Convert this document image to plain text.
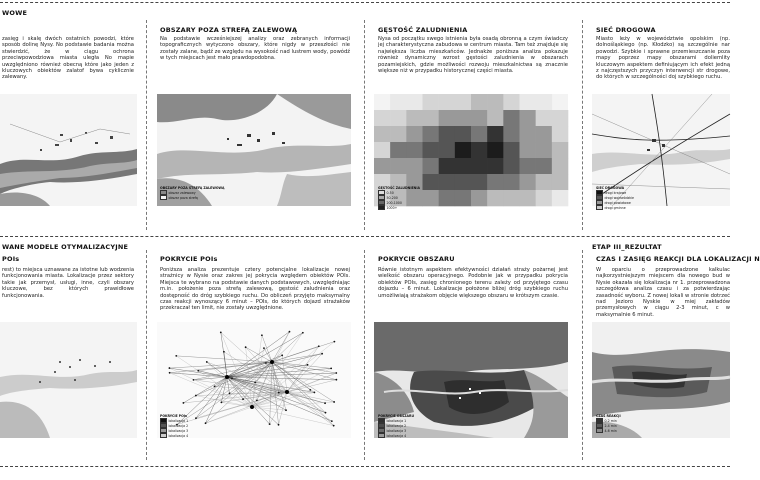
WOWE
OBSZARY POZA STREFĄ ZALEWOWĄ	GĘSTOŚĆ ZALUDNIENIA	SIEĆ DROGOWA
zasięg i skalę dwóch ostatnich powodzi, które sposób dolinę Nysy. No podstawie badania można stwierdzić, że w ciągu ochrona przeciwpowodziowa miasta uległa No mapie uwzględniono również obecną które jako jeden z kluczowych obiektów zalatof bywa cyklicznie zalewany.
Na podstawie wcześniejszej analizy oraz zebranych informacji topograficznych wytyczono obszary, które nigdy w przeszłości nie zostały zalane, bądź ze względu na wysokość nad lustrem wody, powódź w tych miejscach jest mało prawdopodobna.
Nysa od początku swego istnienia była osadą obronną a czym świadczy jej charakterystyczna zabudowa w centrum miasta. Tam też znajduje się największa liczba mieszkańców. Jednakże poniższa analiza pokazuje również dynamiczny wzrost gęstości zaludnienia w obszarach pozamiejskich, gdzie możliwości rozwoju mieszkalnictwa są znacznie większe niż w przypadku historycznej części miasta.
Miasto leży w województwie opolskim (np. dolnośląskiego (np. Kłodzko) są szczególnie nar powodzi. Szybkie i sprawne przemieszczanie poza mapy poprzez mapy obszarami doliemlity kluczowym aspektem definiującym ich efekt jedną z najczęstszych przyczyn interwencji str drogowe, do których w szczególności doj szybkiego ruchu.
OBSZARY POZA STREFĄ ZALEWOWĄ
obszar zalewowy
obszar poza strefą
GĘSTOŚĆ ZALUDNIENIA
0-50
50-200
200-1000
1000+
SIEĆ DROGOWA
drogi krajowe
drogi wojewódzkie
drogi powiatowe
drogi gminne
WANE MODELE OTYMALIZACYJNE
POIs	POKRYCIE POIs	POKRYCIE OBSZARU
ETAP III_REZULTAT
CZAS I ZASIĘG REAKCJI DLA LOKALIZACJI N
rest) to miejsca uznawane za istotne lub wodzenia funkcjonowania miasta. Lokalizacje przez sektory takie jak przemysł, usługi, inne, czyli obszary kluczowe, bez których prawidłowe funkcjonowania.
Poniższa analiza prezentuje cztery potencjalne lokalizacje nowej strażnicy w Nysie oraz zakres jej pokrycia względem obiektów POIs. Miejsca te wybrano na podstawie danych podstawowych, uwzględniając m.in. położenie poza strefą zalewową, gęstość zaludnienia oraz dostępność do dróg szybkiego ruchu. Do obliczeń przyjęto maksymalny czas reakcji wynoszący 6 minut – POIs, do których dojazd strażaków przekraczał ten limit, nie zostały uwzględnione.
Równie istotnym aspektem efektywności działań straży pożarnej jest wielkość obszaru operacyjnego. Podobnie jak w przypadku pokrycia obiektów POIs, zasięg chronionego terenu zależy od przyjętego czasu dojazdu – 6 minut. Lokalizacje położone bliżej dróg szybkiego ruchu umożliwiają strażakom objęcie większego obszaru w krótszym czasie.
W oparciu o przeprowadzone kalkulac najkorzystniejszym miejscem dla nowego bud w Nysie okazała się lokalizacja nr 1. przeprowadzona szczegółowa analiza czasu i za potwierdzając zasadność wyboru. Z nowej lokali w stronie dotrzeć nad Jezioro Nyskie w miej zakładów przemysłowych w ciągu 2-3 minut, c w maksymalnie 6 minut.
POKRYCIE POIs
lokalizacja 1
lokalizacja 2
lokalizacja 3
lokalizacja 4
POKRYCIE OBSZARU
lokalizacja 1
lokalizacja 2
lokalizacja 3
lokalizacja 4
CZAS REAKCJI
0-2 min
2-4 min
4-6 min
